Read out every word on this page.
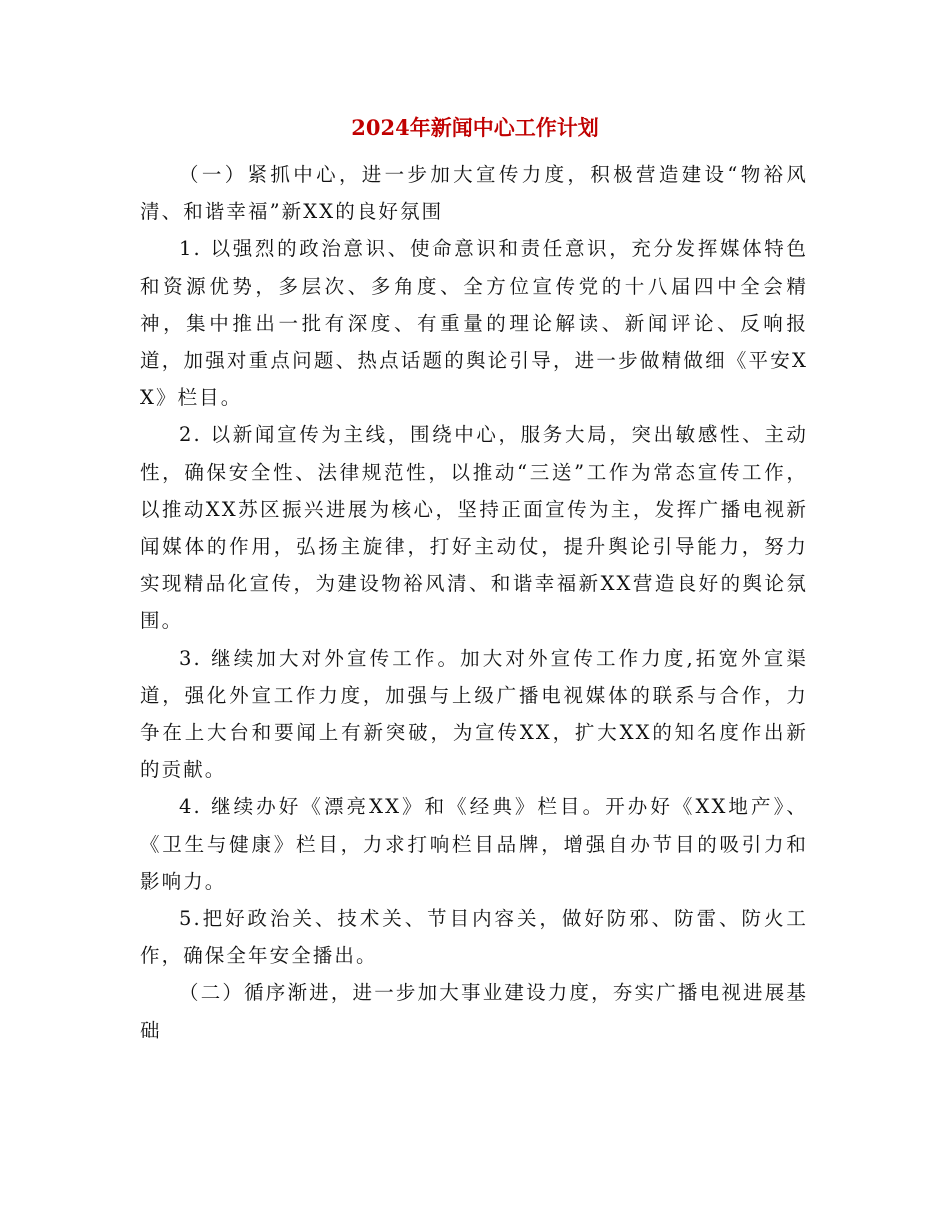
2024年新闻中心工作计划

（一）紧抓中心，进一步加大宣传力度，积极营造建设“物裕风清、和谐幸福”新XX的良好氛围

1. 以强烈的政治意识、使命意识和责任意识，充分发挥媒体特色和资源优势，多层次、多角度、全方位宣传党的十八届四中全会精神，集中推出一批有深度、有重量的理论解读、新闻评论、反响报道，加强对重点问题、热点话题的舆论引导，进一步做精做细《平安XX》栏目。

2. 以新闻宣传为主线，围绕中心，服务大局，突出敏感性、主动性，确保安全性、法律规范性，以推动“三送”工作为常态宣传工作，以推动XX苏区振兴进展为核心，坚持正面宣传为主，发挥广播电视新闻媒体的作用，弘扬主旋律，打好主动仗，提升舆论引导能力，努力实现精品化宣传，为建设物裕风清、和谐幸福新XX营造良好的舆论氛围。

3. 继续加大对外宣传工作。加大对外宣传工作力度,拓宽外宣渠道，强化外宣工作力度，加强与上级广播电视媒体的联系与合作，力争在上大台和要闻上有新突破，为宣传XX，扩大XX的知名度作出新的贡献。

4. 继续办好《漂亮XX》和《经典》栏目。开办好《XX地产》、《卫生与健康》栏目，力求打响栏目品牌，增强自办节目的吸引力和影响力。

5.把好政治关、技术关、节目内容关，做好防邪、防雷、防火工作，确保全年安全播出。

（二）循序渐进，进一步加大事业建设力度，夯实广播电视进展基础
